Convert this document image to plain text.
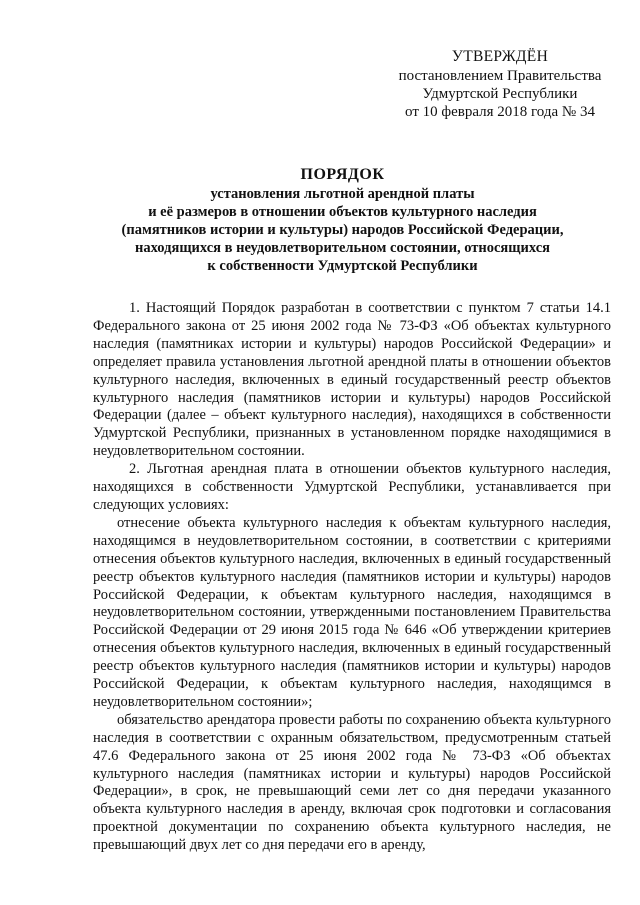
УТВЕРЖДЁН
постановлением Правительства
Удмуртской Республики
от 10 февраля 2018 года № 34
ПОРЯДОК
установления льготной арендной платы
и её размеров в отношении объектов культурного наследия
(памятников истории и культуры) народов Российской Федерации,
находящихся в неудовлетворительном состоянии, относящихся
к собственности Удмуртской Республики

1. Настоящий Порядок разработан в соответствии с пунктом 7 статьи 14.1 Федерального закона от 25 июня 2002 года № 73-ФЗ «Об объектах культурного наследия (памятниках истории и культуры) народов Российской Федерации» и определяет правила установления льготной арендной платы в отношении объектов культурного наследия, включенных в единый государственный реестр объектов культурного наследия (памятников истории и культуры) народов Российской Федерации (далее – объект культурного наследия), находящихся в собственности Удмуртской Республики, признанных в установленном порядке находящимися в неудовлетворительном состоянии.

2. Льготная арендная плата в отношении объектов культурного наследия, находящихся в собственности Удмуртской Республики, устанавливается при следующих условиях:

отнесение объекта культурного наследия к объектам культурного наследия, находящимся в неудовлетворительном состоянии, в соответствии с критериями отнесения объектов культурного наследия, включенных в единый государственный реестр объектов культурного наследия (памятников истории и культуры) народов Российской Федерации, к объектам культурного наследия, находящимся в неудовлетворительном состоянии, утвержденными постановлением Правительства Российской Федерации от 29 июня 2015 года № 646 «Об утверждении критериев отнесения объектов культурного наследия, включенных в единый государственный реестр объектов культурного наследия (памятников истории и культуры) народов Российской Федерации, к объектам культурного наследия, находящимся в неудовлетворительном состоянии»;

обязательство арендатора провести работы по сохранению объекта культурного наследия в соответствии с охранным обязательством, предусмотренным статьей 47.6 Федерального закона от 25 июня 2002 года № 73-ФЗ «Об объектах культурного наследия (памятниках истории и культуры) народов Российской Федерации», в срок, не превышающий семи лет со дня передачи указанного объекта культурного наследия в аренду, включая срок подготовки и согласования проектной документации по сохранению объекта культурного наследия, не превышающий двух лет со дня передачи его в аренду,
